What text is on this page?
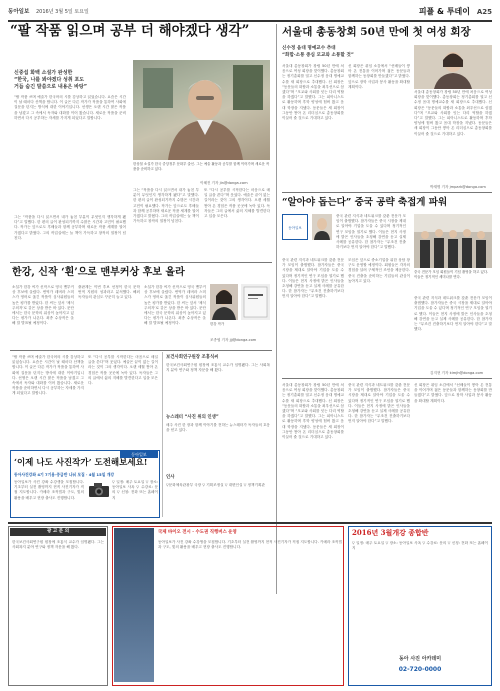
동아일보 2016년 3월 5일 토요일	피플 & 투데이 A25
“팔 작품 읽으며 공부 더 해야겠다 생각”
신중섭 화백 소설가 완성한
“한국, 나를 봐야겠다 성취 포도
거듭 숨긴 말씀으로 내용은 바탕”
“팔 작품 쓰며 예술가 한국어의 시를 감상하고 읽었습니다. 요즘은 시간이 날 때마다 산책을 합니다. 이 글은 다른 작가가 작품을 통하여 사회에 질문을 던지는 방식에 대한 이야기입니다. 선생은 오랜 시간 많은 작품을 남겼고 그 속에서 독자와 대화를 이어 왔습니다. 새로운 작품을 준비하면서 다시 공부하는 자세를 가지게 되었다고 말합니다.
한상철 소설가 한국 중앙정부 문화부 출신. 그는 예술 활동과 공부를 함께 이어가며 새로운 작품을 준비하고 있다.
이혜진 기자 jin@donga.com
그는 “작품을 다시 읽으면서 내가 놓친 부분이 무엇인지 생각하게 됐다”고 말했다. 한 편의 글이 완성되기까지 수많은 시간과 고민이 필요했다. 작가는 앞으로도 후배들과 함께 공부하며 새로운 작품 세계를 열어가겠다고 밝혔다. 그의 작업실에는 늘 책이 가득하고 창작의 열정이 넘친다.
또 “다시 공부를 시작한다는 마음으로 매일 글을 쓴다”며 웃었다. 예술은 끝이 없는 길이라는 것이 그의 생각이다. 오랜 세월 쌓아 온 경험은 작품 곳곳에 녹아 있다. 독자들은 그의 글에서 삶의 지혜를 발견한다고 입을 모은다.
그는 “작품을 다시 읽으면서 내가 놓친 부분이 무엇인지 생각하게 됐다”고 말했다. 한 편의 글이 완성되기까지 수많은 시간과 고민이 필요했다. 작가는 앞으로도 후배들과 함께 공부하며 새로운 작품 세계를 열어가겠다고 밝혔다. 그의 작업실에는 늘 책이 가득하고 창작의 열정이 넘친다.
한강, 신작 ‘흰’으로 맨부커상 후보 올라
소설가 한강 씨가 신작으로 영국 맨부커상 후보에 올랐다. 번역가 데버라 스미스가 영어로 옮긴 작품이 심사위원들의 높은 평가를 받았다. 한 씨는 앞서 ‘채식주의자’로 같은 상을 받은 바 있다. 문단에서는 한국 문학의 위상이 높아지고 있다는 평가가 나온다. 최종 수상작은 올해 말 발표될 예정이다.
출판계는 이번 후보 선정이 한국 문학 번역 지원의 성과라고 분석했다. 해외 독자들의 관심도 꾸준히 늘고 있다.
소설가 한강 씨가 신작으로 영국 맨부커상 후보에 올랐다. 번역가 데버라 스미스가 영어로 옮긴 작품이 심사위원들의 높은 평가를 받았다. 한 씨는 앞서 ‘채식주의자’로 같은 상을 받은 바 있다. 문단에서는 한국 문학의 위상이 높아지고 있다는 평가가 나온다. 최종 수상작은 올해 말 발표될 예정이다.	한강 작가
조종엽 기자 jjj@donga.com
“팔 작품 쓰며 예술가 한국어의 시를 감상하고 읽었습니다. 요즘은 시간이 날 때마다 산책을 합니다. 이 글은 다른 작가가 작품을 통하여 사회에 질문을 던지는 방식에 대한 이야기입니다. 선생은 오랜 시간 많은 작품을 남겼고 그 속에서 독자와 대화를 이어 왔습니다. 새로운 작품을 준비하면서 다시 공부하는 자세를 가지게 되었다고 말합니다.
또 “다시 공부를 시작한다는 마음으로 매일 글을 쓴다”며 웃었다. 예술은 끝이 없는 길이라는 것이 그의 생각이다. 오랜 세월 쌓아 온 경험은 작품 곳곳에 녹아 있다. 독자들은 그의 글에서 삶의 지혜를 발견한다고 입을 모은다.
보건사회연구원장 조홍식씨
한국보건사회연구원 원장에 조홍식 교수가 임명됐다. 그는 사회복지 분야 연구와 정책 자문을 해 왔다.
뉴스레터 “사진 위의 인생”
매주 사진 한 장과 함께 이야기를 전하는 뉴스레터가 독자들의 호응을 얻고 있다.
인사
▽문화체육관광부 국장 ▽ 기획조정실 ▽ 대변인실 ▽ 정책기획관
동아일보
‘이제 나도 사진작가’ 도전해보세요!
동아사진강좌 4기 7기용·중급반 나눠 모집 · 4월 15일 개강
동아일보가 사진 강좌 수강생을 모집합니다. 기초부터 실전 촬영까지 현직 사진기자가 직접 지도합니다. 카메라 조작법과 구도, 빛의 활용을 배우고 현장 출사도 진행합니다.
▽ 일정: 매주 토요일 ▽ 장소: 동아일보 사옥 ▽ 수강료: 문의 ▽ 신청: 전화 또는 홈페이지
서울대 총동창회 50년 만에 첫 여성 회장
신수정 음대 명예교수 추대
“화합·소통 중심 모교와 소통할 것”
서울대 총동창회가 창립 50년 만에 처음으로 여성 회장을 맞이했다. 총동창회는 정기총회를 열고 신수정 음대 명예교수를 새 회장으로 추대했다. 신 회장은 “동문들의 화합과 소통을 최우선으로 삼겠다”며 “모교와 사회를 잇는 다리 역할을 하겠다”고 말했다. 그는 피아니스트로 활동하며 후학 양성에 힘써 왔고 음대 학장을 지냈다. 동문들은 새 회장이 그동안 쌓아 온 리더십으로 총동창회를 이끌어 줄 것으로 기대하고 있다.
신 회장은 취임 소감에서 “선배들이 쌓아 온 전통을 이어가며 젊은 동문들과 함께하는 동창회를 만들겠다”고 밝혔다. 앞으로 장학 사업과 봉사 활동을 확대할 계획이다.
서울대 총동창회가 창립 50년 만에 처음으로 여성 회장을 맞이했다. 총동창회는 정기총회를 열고 신수정 음대 명예교수를 새 회장으로 추대했다. 신 회장은 “동문들의 화합과 소통을 최우선으로 삼겠다”며 “모교와 사회를 잇는 다리 역할을 하겠다”고 말했다. 그는 피아니스트로 활동하며 후학 양성에 힘써 왔고 음대 학장을 지냈다. 동문들은 새 회장이 그동안 쌓아 온 리더십으로 총동창회를 이끌어 줄 것으로 기대하고 있다.
박재명 기자 jmpark@donga.com
“알아야 돕는다” 중국 공략 축접게 파워
동아일보
중국 관련 지식과 네트워크를 갖춘 전문가 모임이 출범했다. 참가자들은 중국 시장을 제대로 알아야 기업을 도울 수 있다며 정기적인 연구 모임을 열기로 했다. 이들은 현지 사정에 밝은 인사들을 초청해 강연을 듣고 실제 사례를 공유한다. 한 참가자는 “무조건 진출하기보다 먼저 알아야 한다”고 말했다.
중국 관련 지식과 네트워크를 갖춘 전문가 모임이 출범했다. 참가자들은 중국 시장을 제대로 알아야 기업을 도울 수 있다며 정기적인 연구 모임을 열기로 했다. 이들은 현지 사정에 밝은 인사들을 초청해 강연을 듣고 실제 사례를 공유한다. 한 참가자는 “무조건 진출하기보다 먼저 알아야 한다”고 말했다.
모임은 앞으로 중소기업을 위한 상담 창구도 운영할 예정이다. 회원들은 각자의 경험을 살려 구체적인 조언을 제공한다. 중국 진출을 준비하는 기업들의 관심이 높아지고 있다.
중국 전문가 모임 회원들이 기념 촬영을 하고 있다. 이들은 정기적인 세미나를 연다.
중국 관련 지식과 네트워크를 갖춘 전문가 모임이 출범했다. 참가자들은 중국 시장을 제대로 알아야 기업을 도울 수 있다며 정기적인 연구 모임을 열기로 했다. 이들은 현지 사정에 밝은 인사들을 초청해 강연을 듣고 실제 사례를 공유한다. 한 참가자는 “무조건 진출하기보다 먼저 알아야 한다”고 말했다.
김지현 기자 kimjh@donga.com
서울대 총동창회가 창립 50년 만에 처음으로 여성 회장을 맞이했다. 총동창회는 정기총회를 열고 신수정 음대 명예교수를 새 회장으로 추대했다. 신 회장은 “동문들의 화합과 소통을 최우선으로 삼겠다”며 “모교와 사회를 잇는 다리 역할을 하겠다”고 말했다. 그는 피아니스트로 활동하며 후학 양성에 힘써 왔고 음대 학장을 지냈다. 동문들은 새 회장이 그동안 쌓아 온 리더십으로 총동창회를 이끌어 줄 것으로 기대하고 있다.
중국 관련 지식과 네트워크를 갖춘 전문가 모임이 출범했다. 참가자들은 중국 시장을 제대로 알아야 기업을 도울 수 있다며 정기적인 연구 모임을 열기로 했다. 이들은 현지 사정에 밝은 인사들을 초청해 강연을 듣고 실제 사례를 공유한다. 한 참가자는 “무조건 진출하기보다 먼저 알아야 한다”고 말했다.
신 회장은 취임 소감에서 “선배들이 쌓아 온 전통을 이어가며 젊은 동문들과 함께하는 동창회를 만들겠다”고 밝혔다. 앞으로 장학 사업과 봉사 활동을 확대할 계획이다.
광 고 문 의
한국보건사회연구원 원장에 조홍식 교수가 임명됐다. 그는 사회복지 분야 연구와 정책 자문을 해 왔다.
국제 바이오 전시 · 수도권 직행버스 운영
동아일보가 사진 강좌 수강생을 모집합니다. 기초부터 실전 촬영까지 현직 사진기자가 직접 지도합니다. 카메라 조작법과 구도, 빛의 활용을 배우고 현장 출사도 진행합니다.
2016년 3월개강 종합반
▽ 일정: 매주 토요일 ▽ 장소: 동아일보 사옥 ▽ 수강료: 문의 ▽ 신청: 전화 또는 홈페이지
동아 사진 아카데미
02-720-0000
